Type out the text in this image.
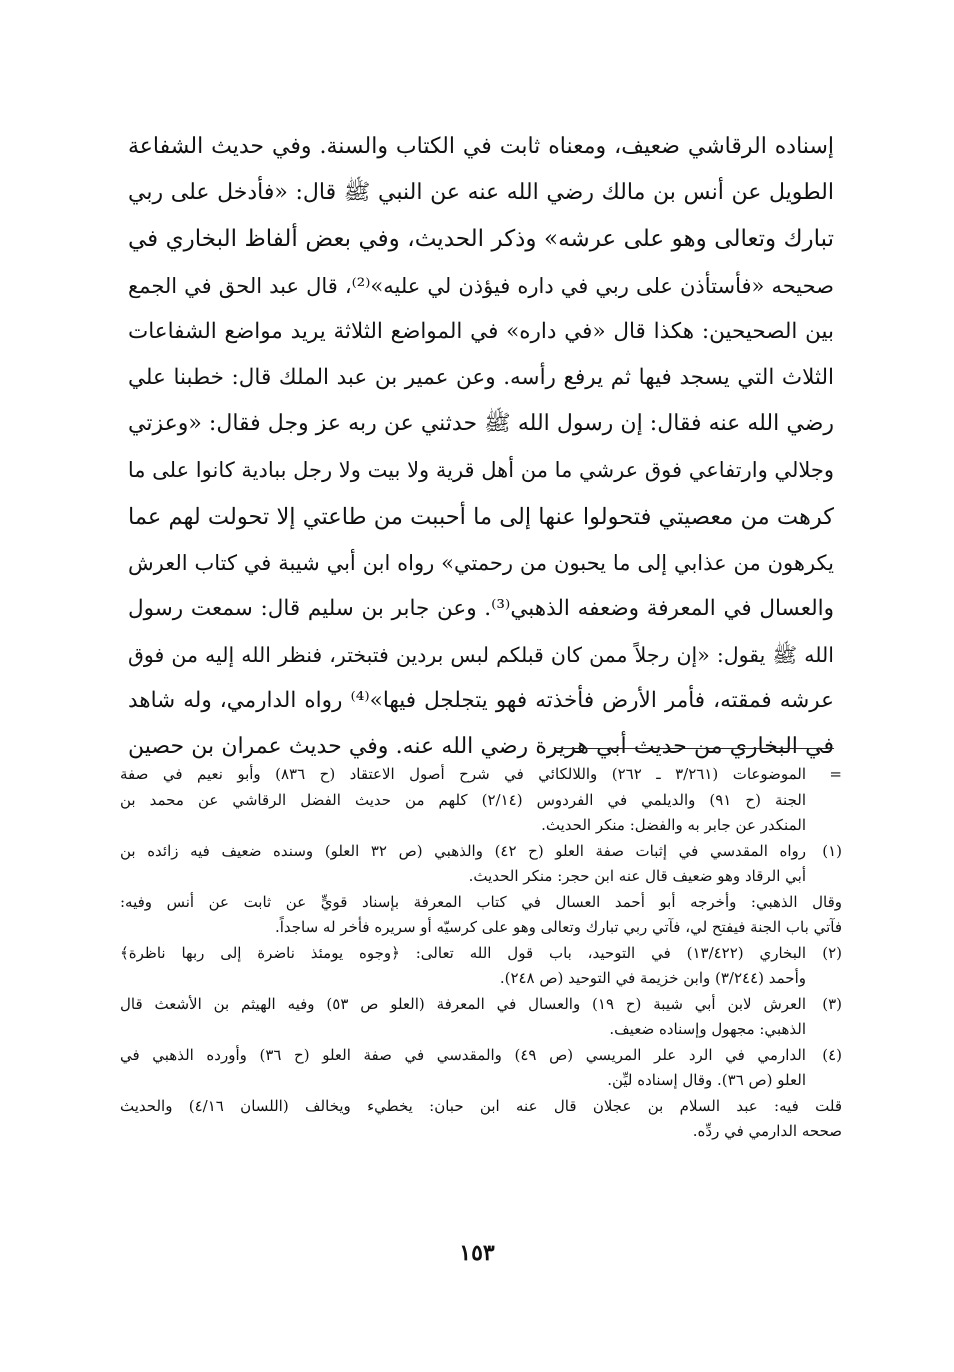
إسناده الرقاشي ضعيف، ومعناه ثابت في الكتاب والسنة. وفي حديث الشفاعة
الطويل عن أنس بن مالك رضي الله عنه عن النبي ﷺ قال: «فأدخل على ربي
تبارك وتعالى وهو على عرشه» وذكر الحديث، وفي بعض ألفاظ البخاري في
صحيحه «فأستأذن على ربي في داره فيؤذن لي عليه»⁽²⁾، قال عبد الحق في الجمع
بين الصحيحين: هكذا قال «في داره» في المواضع الثلاثة يريد مواضع الشفاعات
الثلاث التي يسجد فيها ثم يرفع رأسه. وعن عمير بن عبد الملك قال: خطبنا علي
رضي الله عنه فقال: إن رسول الله ﷺ حدثني عن ربه عز وجل فقال: «وعزتي
وجلالي وارتفاعي فوق عرشي ما من أهل قرية ولا بيت ولا رجل ببادية كانوا على ما
كرهت من معصيتي فتحولوا عنها إلى ما أحببت من طاعتي إلا تحولت لهم عما
يكرهون من عذابي إلى ما يحبون من رحمتي» رواه ابن أبي شيبة في كتاب العرش
والعسال في المعرفة وضعفه الذهبي⁽³⁾. وعن جابر بن سليم قال: سمعت رسول
الله ﷺ يقول: «إن رجلاً ممن كان قبلكم لبس بردين فتبختر، فنظر الله إليه من فوق
عرشه فمقته، فأمر الأرض فأخذته فهو يتجلجل فيها»⁽⁴⁾ رواه الدارمي، وله شاهد
في البخاري من حديث أبي هريرة رضي الله عنه. وفي حديث عمران بن حصين
=
الموضوعات (٣/٢٦١ ـ ٢٦٢) واللالكائي في شرح أصول الاعتقاد (ح ٨٣٦) وأبو نعيم في صفة
الجنة (ح ٩١) والديلمي في الفردوس (٢/١٤) كلهم من حديث الفضل الرقاشي عن محمد بن
المنكدر عن جابر به والفضل: منكر الحديث.
(١)
رواه المقدسي في إثبات صفة العلو (ح ٤٢) والذهبي (ص ٣٢ العلو) وسنده ضعيف فيه زائده بن
أبي الرقاد وهو ضعيف قال عنه ابن حجر: منكر الحديث.
وقال الذهبي: وأخرجه أبو أحمد العسال في كتاب المعرفة بإسناد قويٍّ عن ثابت عن أنس وفيه:
فآتي باب الجنة فيفتح لي، فآتي ربي تبارك وتعالى وهو على كرسيّه أو سريره فأخر له ساجداً.
(٢)
البخاري (١٣/٤٢٢) في التوحيد، باب قول الله تعالى: ﴿وجوه يومئذ ناضرة إلى ربها ناظرة﴾
وأحمد (٣/٢٤٤) وابن خزيمة في التوحيد (ص ٢٤٨).
(٣)
العرش لابن أبي شيبة (ح ١٩) والعسال في المعرفة (العلو ص ٥٣) وفيه الهيثم بن الأشعث قال
الذهبي: مجهول وإسناده ضعيف.
(٤)
الدارمي في الرد علر المريسي (ص ٤٩) والمقدسي في صفة العلو (ح ٣٦) وأورده الذهبي في
العلو (ص ٣٦). وقال إسناده ليِّن.
قلت فيه: عبد السلام بن عجلان قال عنه ابن حبان: يخطيء ويخالف (اللسان ٤/١٦) والحديث
صححه الدارمي في ردِّه.
١٥٣
